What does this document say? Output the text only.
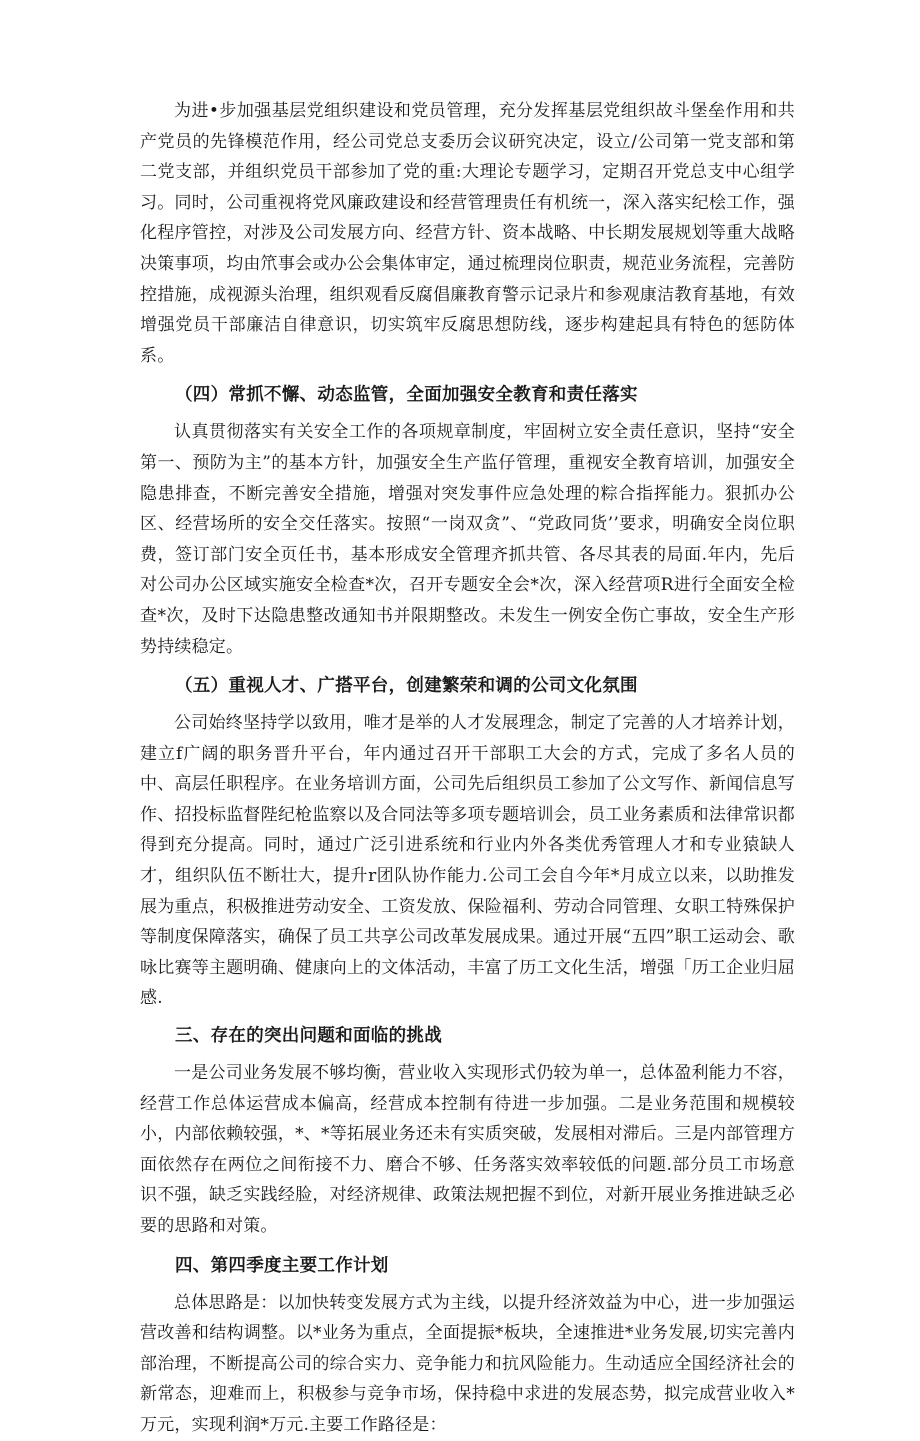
为进•步加强基层党组织建设和党员管理，充分发挥基层党组织故斗堡垒作用和共产党员的先锋模范作用，经公司党总支委历会议研究决定，设立/公司第一党支部和第二党支部，并组织党员干部参加了党的重:大理论专题学习，定期召开党总支中心组学习。同时，公司重视将党风廉政建设和经营管理贵任有机统一，深入落实纪桧工作，强化程序管控，对涉及公司发展方向、经营方针、资本战略、中长期发展规划等重大战略决策事项，均由笊事会或办公会集体审定，通过梳理岗位职责，规范业务流程，完善防控措施，成视源头治理，组织观看反腐倡廉教育警示记录片和参观康洁教育基地，有效增强党员干部廉洁自律意识，切实筑牢反腐思想防线，逐步构建起具有特色的惩防体系。

（四）常抓不懈、动态监管，全面加强安全教育和责任落实

认真贯彻落实有关安全工作的各项规章制度，牢固树立安全责任意识，坚持“安全第一、预防为主”的基本方针，加强安全生产监仔管理，重视安全教育培训，加强安全隐患排查，不断完善安全措施，增强对突发事件应急处理的粽合指挥能力。狠抓办公区、经营场所的安全交任落实。按照“一岗双贪”、“党政同货’’要求，明确安全岗位职费，签订部门安全页任书，基本形成安全管理齐抓共管、各尽其表的局面.年内，先后对公司办公区域实施安全检查*次，召开专题安全会*次，深入经营项R进行全面安全检查*次，及时下达隐患整改通知书并限期整改。未发生一例安全伤亡事故，安全生产形势持续稳定。

（五）重视人才、广搭平台，创建繁荣和调的公司文化氛围

公司始终坚持学以致用，唯才是举的人才发展理念，制定了完善的人才培养计划，建立f广阔的职务晋升平台，年内通过召开干部职工大会的方式，完成了多名人员的中、高层任职程序。在业务培训方面，公司先后组织员工参加了公文写作、新闻信息写作、招投标监督陛纪枪监察以及合同法等多项专题培训会，员工业务素质和法律常识都得到充分提高。同时，通过广泛引进系统和行业内外各类优秀管理人才和专业猿缺人才，组织队伍不断壮大，提升r团队协作能力.公司工会自今年*月成立以来，以助推发展为重点，积极推进劳动安全、工资发放、保险福利、劳动合同管理、女职工特殊保护等制度保障落实，确保了员工共享公司改革发展成果。通过开展“五四”职工运动会、歌咏比赛等主题明确、健康向上的文体活动，丰富了历工文化生活，增强「历工企业归屈感.

三、存在的突出问题和面临的挑战

一是公司业务发展不够均衡，营业收入实现形式仍较为单一，总体盈利能力不容，经营工作总体运营成本偏高，经营成本控制有待进一步加强。二是业务范围和规模较小，内部依赖较强，*、*等拓展业务还未有实质突破，发展相对滞后。三是内部管理方面依然存在两位之间衔接不力、磨合不够、任务落实效率较低的问题.部分员工市场意识不强，缺乏实践经脸，对经济规律、政策法规把握不到位，对新开展业务推进缺乏必要的思路和对策。

四、第四季度主要工作计划

总体思路是：以加快转变发展方式为主线，以提升经济效益为中心，进一步加强运营改善和结构调整。以*业务为重点，全面提振*板块，全速推进*业务发展,切实完善内部治理，不断提高公司的综合实力、竞争能力和抗风险能力。生动适应全国经济社会的新常态，迎难而上，积极参与竞争市场，保持稳中求进的发展态势，拟完成营业收入*万元，实现利润*万元.主要工作路径是：
